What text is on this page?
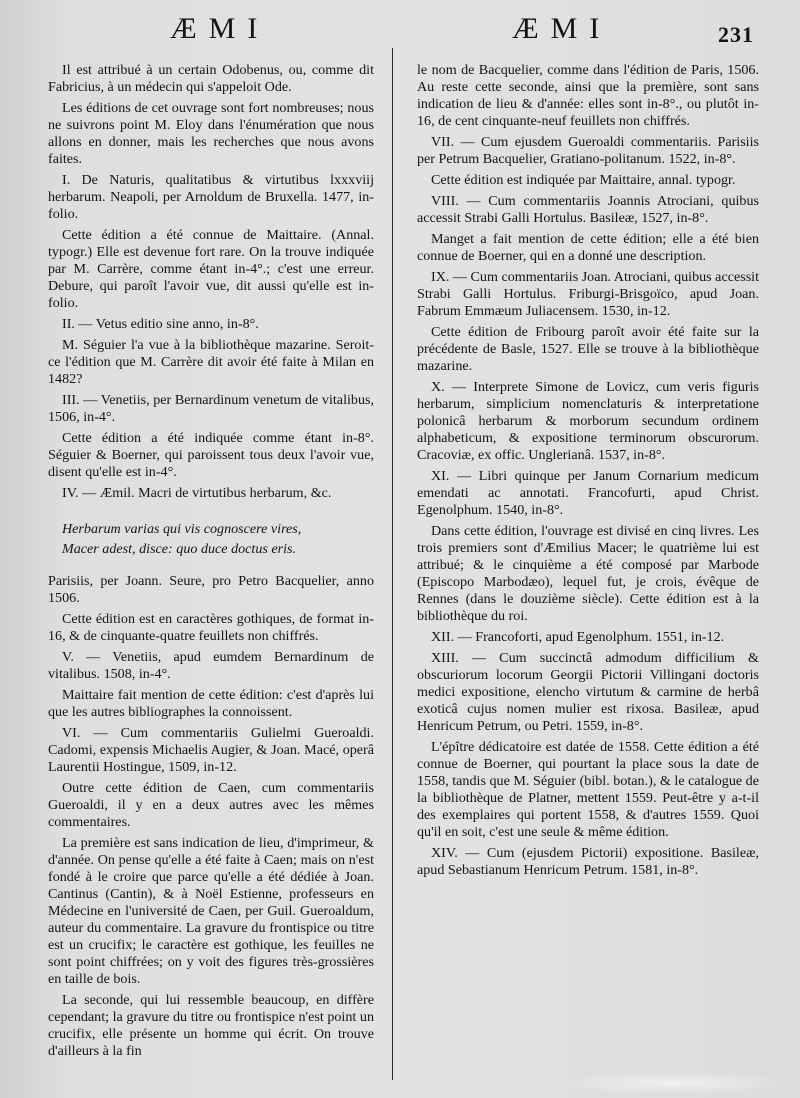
ÆMI	ÆMI	231

Il est attribué à un certain Odobenus, ou, comme dit Fabricius, à un médecin qui s'appeloit Ode.

Les éditions de cet ouvrage sont fort nombreuses; nous ne suivrons point M. Eloy dans l'énumération que nous allons en donner, mais les recherches que nous avons faites.

I. De Naturis, qualitatibus & virtutibus lxxxviij herbarum. Neapoli, per Arnoldum de Bruxella. 1477, in-folio.

Cette édition a été connue de Maittaire. (Annal. typogr.) Elle est devenue fort rare. On la trouve indiquée par M. Carrère, comme étant in-4°.; c'est une erreur. Debure, qui paroît l'avoir vue, dit aussi qu'elle est in-folio.

II. — Vetus editio sine anno, in-8°.

M. Séguier l'a vue à la bibliothèque mazarine. Seroit-ce l'édition que M. Carrère dit avoir été faite à Milan en 1482?

III. — Venetiis, per Bernardinum venetum de vitalibus, 1506, in-4°.

Cette édition a été indiquée comme étant in-8°. Séguier & Boerner, qui paroissent tous deux l'avoir vue, disent qu'elle est in-4°.

IV. — Æmil. Macri de virtutibus herbarum, &c.

Herbarum varias qui vis cognoscere vires,

Macer adest, disce: quo duce doctus eris.

Parisiis, per Joann. Seure, pro Petro Bacquelier, anno 1506.

Cette édition est en caractères gothiques, de format in-16, & de cinquante-quatre feuillets non chiffrés.

V. — Venetiis, apud eumdem Bernardinum de vitalibus. 1508, in-4°.

Maittaire fait mention de cette édition: c'est d'après lui que les autres bibliographes la connoissent.

VI. — Cum commentariis Gulielmi Gueroaldi. Cadomi, expensis Michaelis Augier, & Joan. Macé, operâ Laurentii Hostingue, 1509, in-12.

Outre cette édition de Caen, cum commentariis Gueroaldi, il y en a deux autres avec les mêmes commentaires.

La première est sans indication de lieu, d'imprimeur, & d'année. On pense qu'elle a été faite à Caen; mais on n'est fondé à le croire que parce qu'elle a été dédiée à Joan. Cantinus (Cantin), & à Noël Estienne, professeurs en Médecine en l'université de Caen, per Guil. Gueroaldum, auteur du commentaire. La gravure du frontispice ou titre est un crucifix; le caractère est gothique, les feuilles ne sont point chiffrées; on y voit des figures très-grossières en taille de bois.

La seconde, qui lui ressemble beaucoup, en diffère cependant; la gravure du titre ou frontispice n'est point un crucifix, elle présente un homme qui écrit. On trouve d'ailleurs à la fin

le nom de Bacquelier, comme dans l'édition de Paris, 1506. Au reste cette seconde, ainsi que la première, sont sans indication de lieu & d'année: elles sont in-8°., ou plutôt in-16, de cent cinquante-neuf feuillets non chiffrés.

VII. — Cum ejusdem Gueroaldi commentariis. Parisiis per Petrum Bacquelier, Gratiano-politanum. 1522, in-8°.

Cette édition est indiquée par Maittaire, annal. typogr.

VIII. — Cum commentariis Joannis Atrociani, quibus accessit Strabi Galli Hortulus. Basileæ, 1527, in-8°.

Manget a fait mention de cette édition; elle a été bien connue de Boerner, qui en a donné une description.

IX. — Cum commentariis Joan. Atrociani, quibus accessit Strabi Galli Hortulus. Friburgi-Brisgoïco, apud Joan. Fabrum Emmæum Juliacensem. 1530, in-12.

Cette édition de Fribourg paroît avoir été faite sur la précédente de Basle, 1527. Elle se trouve à la bibliothèque mazarine.

X. — Interprete Simone de Lovicz, cum veris figuris herbarum, simplicium nomenclaturis & interpretatione polonicâ herbarum & morborum secundum ordinem alphabeticum, & expositione terminorum obscurorum. Cracoviæ, ex offic. Unglerianâ. 1537, in-8°.

XI. — Libri quinque per Janum Cornarium medicum emendati ac annotati. Francofurti, apud Christ. Egenolphum. 1540, in-8°.

Dans cette édition, l'ouvrage est divisé en cinq livres. Les trois premiers sont d'Æmilius Macer; le quatrième lui est attribué; & le cinquième a été composé par Marbode (Episcopo Marbodæo), lequel fut, je crois, évêque de Rennes (dans le douzième siècle). Cette édition est à la bibliothèque du roi.

XII. — Francoforti, apud Egenolphum. 1551, in-12.

XIII. — Cum succinctâ admodum difficilium & obscuriorum locorum Georgii Pictorii Villingani doctoris medici expositione, elencho virtutum & carmine de herbâ exoticâ cujus nomen mulier est rixosa. Basileæ, apud Henricum Petrum, ou Petri. 1559, in-8°.

L'épître dédicatoire est datée de 1558. Cette édition a été connue de Boerner, qui pourtant la place sous la date de 1558, tandis que M. Séguier (bibl. botan.), & le catalogue de la bibliothèque de Platner, mettent 1559. Peut-être y a-t-il des exemplaires qui portent 1558, & d'autres 1559. Quoi qu'il en soit, c'est une seule & même édition.

XIV. — Cum (ejusdem Pictorii) expositione. Basileæ, apud Sebastianum Henricum Petrum. 1581, in-8°.
